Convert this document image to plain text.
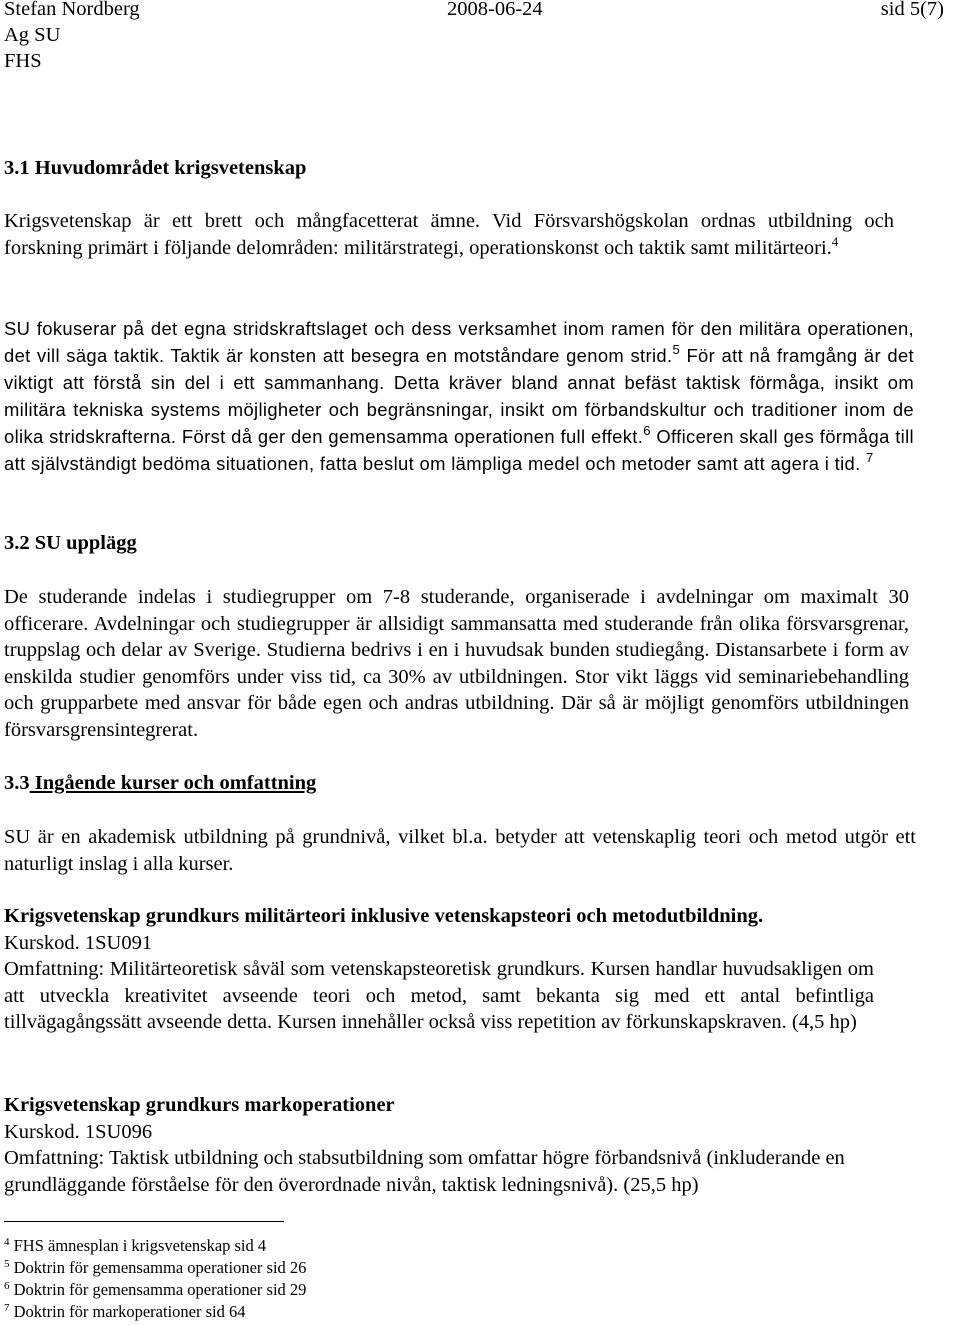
Stefan Nordberg	2008-06-24	sid 5(7)
Ag SU
FHS
3.1 Huvudområdet krigsvetenskap

Krigsvetenskap är ett brett och mångfacetterat ämne. Vid Försvarshögskolan ordnas utbildning och forskning primärt i följande delområden: militärstrategi, operationskonst och taktik samt militärteori.$^4$

SU fokuserar på det egna stridskraftslaget och dess verksamhet inom ramen för den militära operationen, det vill säga taktik. Taktik är konsten att besegra en motståndare genom strid.$^5$ För att nå framgång är det viktigt att förstå sin del i ett sammanhang. Detta kräver bland annat befäst taktisk förmåga, insikt om militära tekniska systems möjligheter och begränsningar, insikt om förbandskultur och traditioner inom de olika stridskrafterna. Först då ger den gemensamma operationen full effekt.$^6$ Officeren skall ges förmåga till att självständigt bedöma situationen, fatta beslut om lämpliga medel och metoder samt att agera i tid. $^7$

3.2 SU upplägg

De studerande indelas i studiegrupper om 7-8 studerande, organiserade i avdelningar om maximalt 30 officerare. Avdelningar och studiegrupper är allsidigt sammansatta med studerande från olika försvarsgrenar, truppslag och delar av Sverige. Studierna bedrivs i en i huvudsak bunden studiegång. Distansarbete i form av enskilda studier genomförs under viss tid, ca 30% av utbildningen. Stor vikt läggs vid seminariebehandling och grupparbete med ansvar för både egen och andras utbildning. Där så är möjligt genomförs utbildningen försvarsgrensintegrerat.

3.3 Ingående kurser och omfattning

SU är en akademisk utbildning på grundnivå, vilket bl.a. betyder att vetenskaplig teori och metod utgör ett naturligt inslag i alla kurser.

Krigsvetenskap grundkurs militärteori inklusive vetenskapsteori och metodutbildning.
Kurskod. 1SU091
Omfattning: Militärteoretisk såväl som vetenskapsteoretisk grundkurs. Kursen handlar huvudsakligen om att utveckla kreativitet avseende teori och metod, samt bekanta sig med ett antal befintliga tillvägagångssätt avseende detta. Kursen innehåller också viss repetition av förkunskapskraven. (4,5 hp)
Krigsvetenskap grundkurs markoperationer
Kurskod. 1SU096
Omfattning: Taktisk utbildning och stabsutbildning som omfattar högre förbandsnivå (inkluderande en grundläggande förståelse för den överordnade nivån, taktisk ledningsnivå). (25,5 hp)
$^4$ FHS ämnesplan i krigsvetenskap sid 4
$^5$ Doktrin för gemensamma operationer sid 26
$^6$ Doktrin för gemensamma operationer sid 29
$^7$ Doktrin för markoperationer sid 64
